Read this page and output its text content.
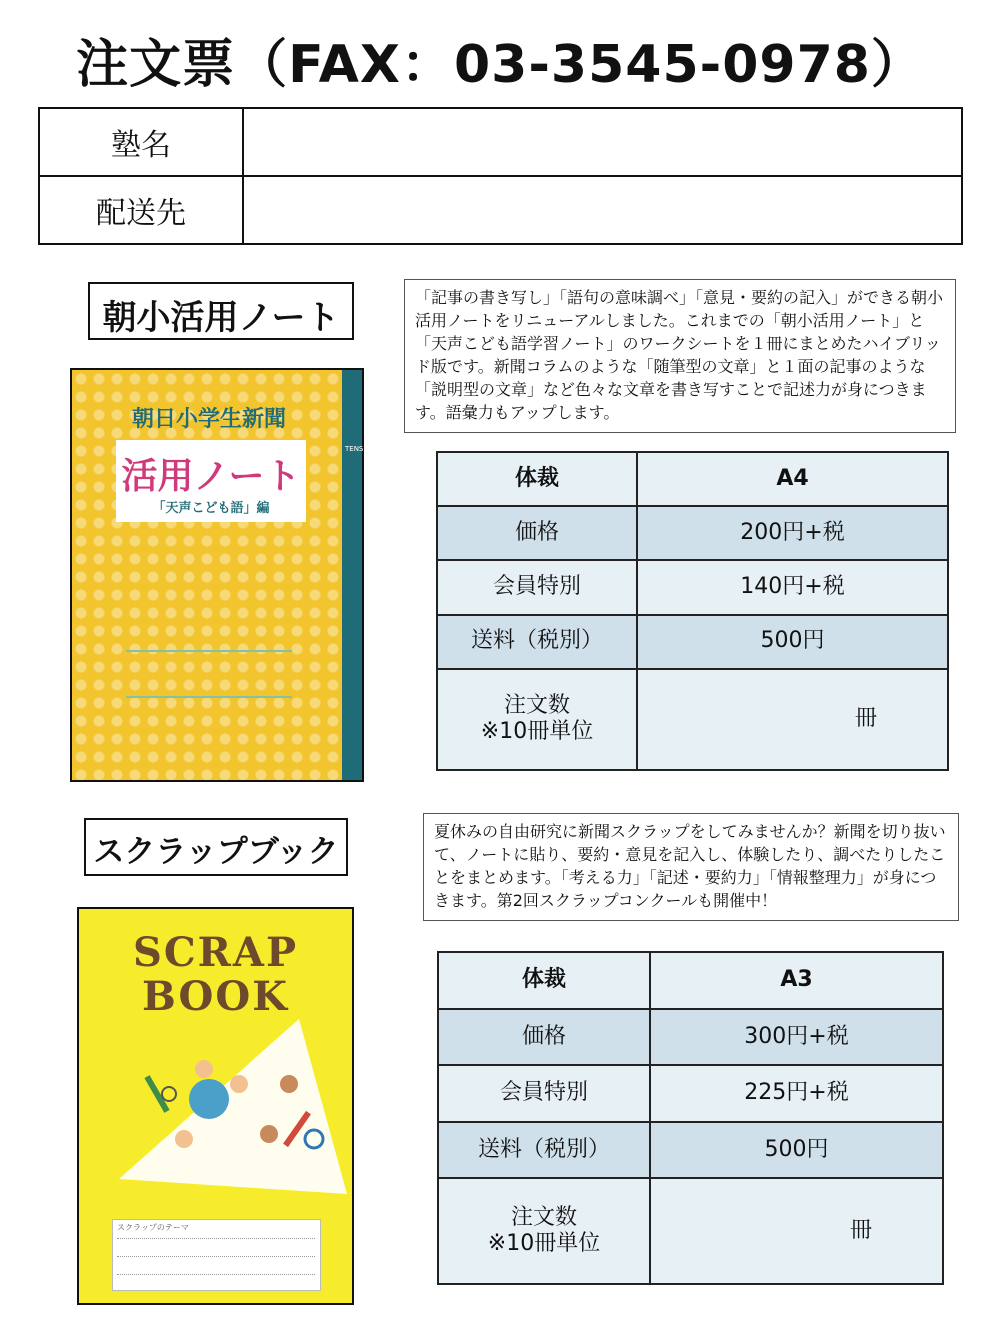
注文票（FAX：03-3545-0978）
塾名	
配送先	
朝小活用ノート
TENSEI
朝日小学生新聞
活用ノート
「天声こども語」編
「記事の書き写し」「語句の意味調べ」「意見・要約の記入」ができる朝小活用ノートをリニューアルしました。これまでの「朝小活用ノート」と「天声こども語学習ノート」のワークシートを１冊にまとめたハイブリッド版です。新聞コラムのような「随筆型の文章」と１面の記事のような「説明型の文章」など色々な文章を書き写すことで記述力が身につきます。語彙力もアップします。
体裁	A4
価格	200円+税
会員特別	140円+税
送料（税別）	500円

注文数
※10冊単位	冊
スクラップブック
SCRAP
BOOK
スクラップのテーマ
夏休みの自由研究に新聞スクラップをしてみませんか？新聞を切り抜いて、ノートに貼り、要約・意見を記入し、体験したり、調べたりしたことをまとめます。「考える力」「記述・要約力」「情報整理力」が身につきます。第2回スクラップコンクールも開催中！
体裁	A3
価格	300円+税
会員特別	225円+税
送料（税別）	500円

注文数
※10冊単位	冊
